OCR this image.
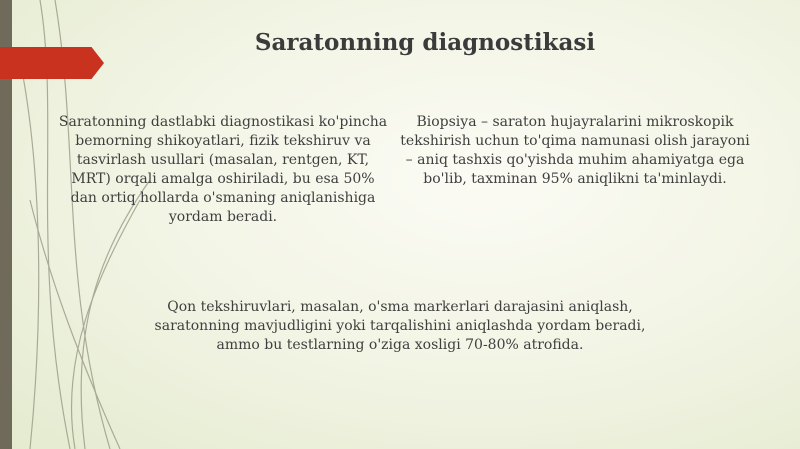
Saratonning diagnostikasi

Saratonning dastlabki diagnostikasi ko'pincha bemorning shikoyatlari, fizik tekshiruv va tasvirlash usullari (masalan, rentgen, KT, MRT) orqali amalga oshiriladi, bu esa 50% dan ortiq hollarda o'smaning aniqlanishiga yordam beradi.

Biopsiya – saraton hujayralarini mikroskopik tekshirish uchun to'qima namunasi olish jarayoni – aniq tashxis qo'yishda muhim ahamiyatga ega bo'lib, taxminan 95% aniqlikni ta'minlaydi.

Qon tekshiruvlari, masalan, o'sma markerlari darajasini aniqlash, saratonning mavjudligini yoki tarqalishini aniqlashda yordam beradi, ammo bu testlarning o'ziga xosligi 70-80% atrofida.
